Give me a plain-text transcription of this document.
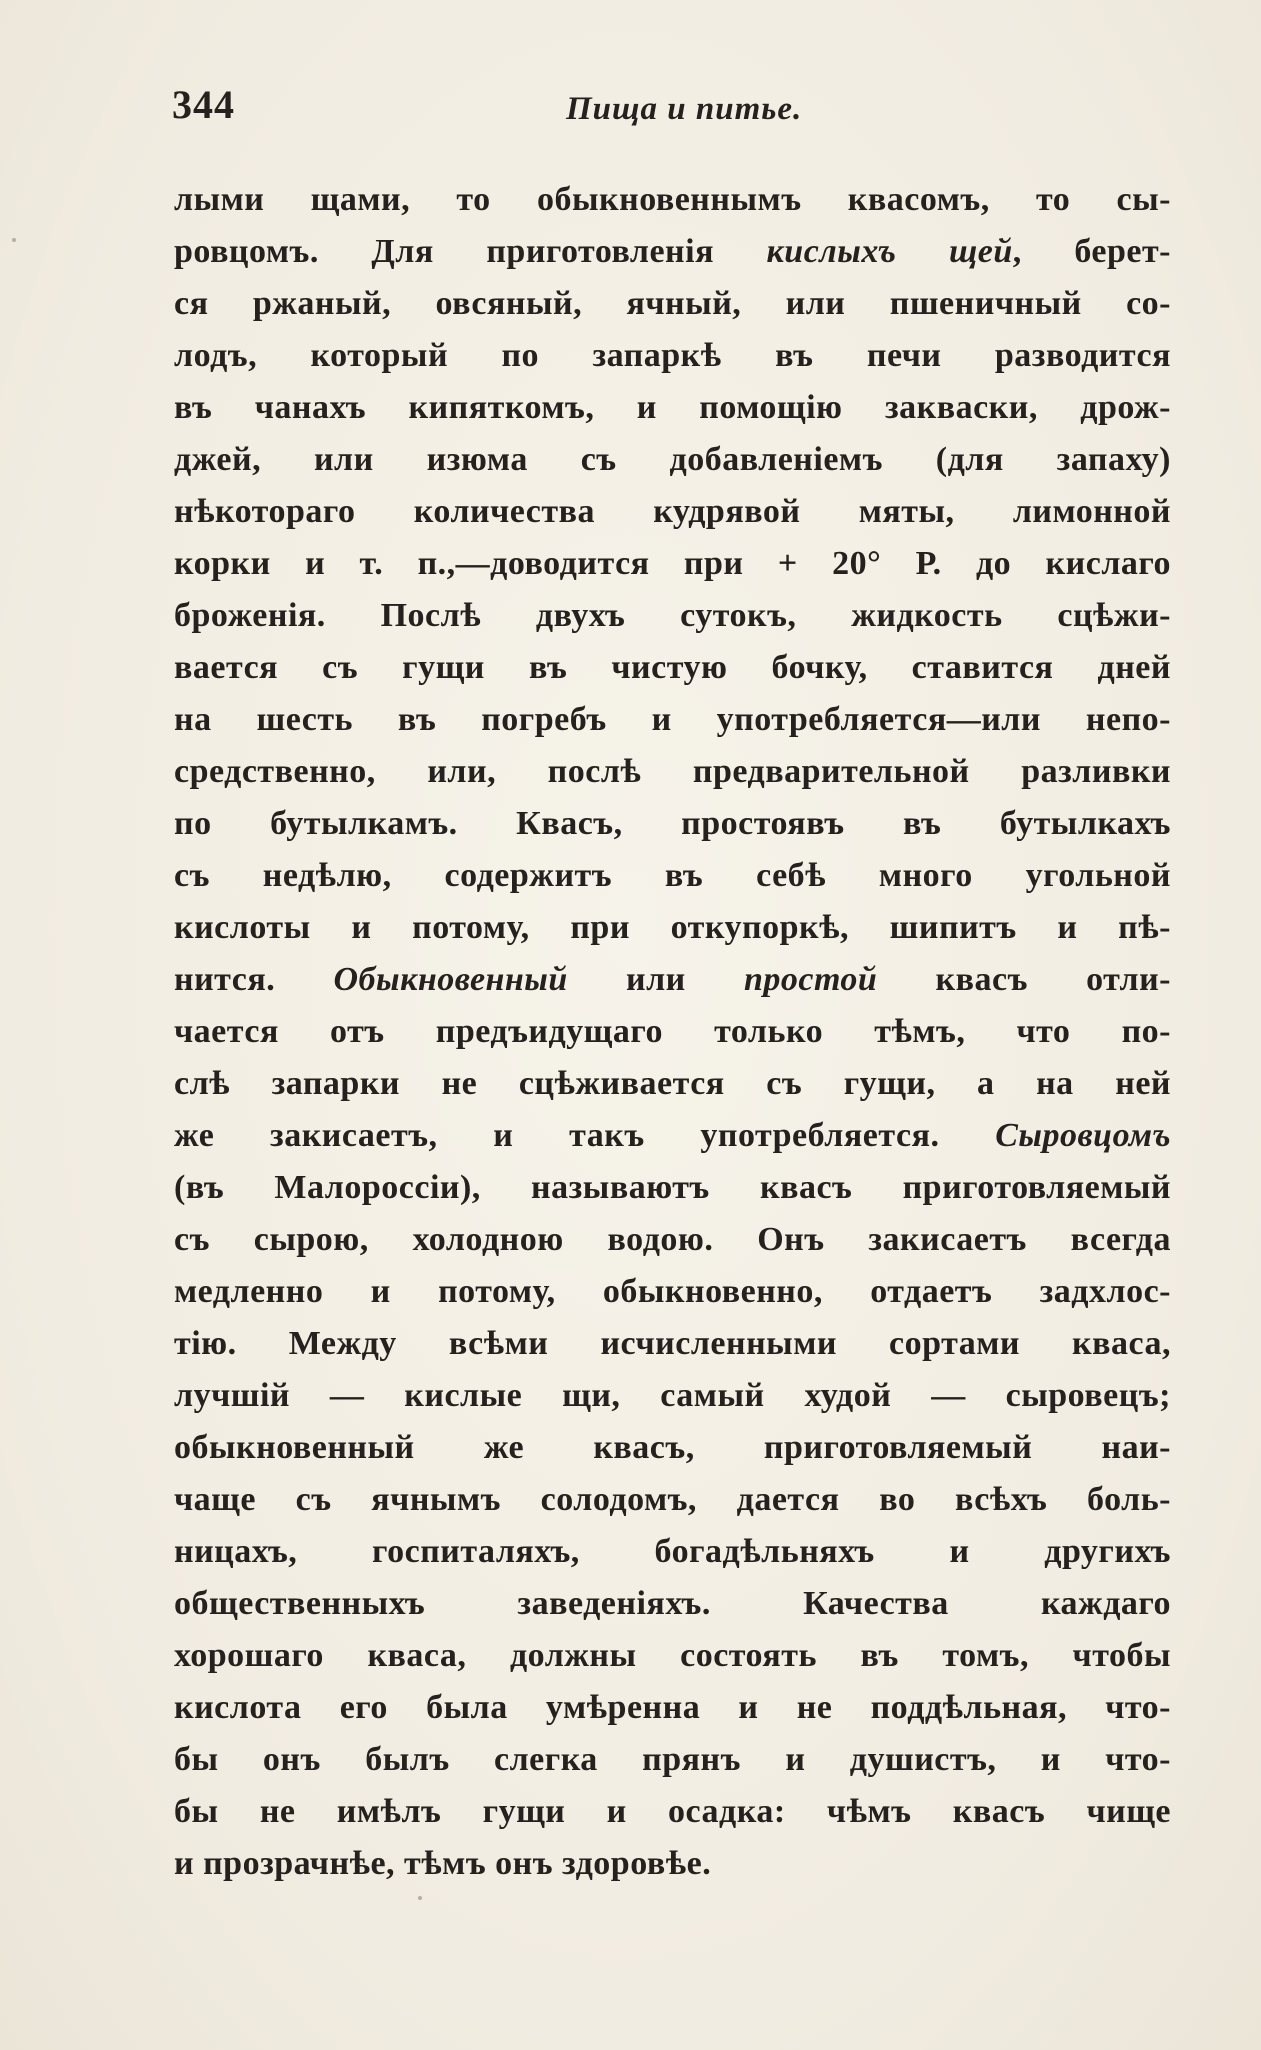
344	Пища и питье.
лыми щами, то обыкновеннымъ квасомъ, то сы-
ровцомъ. Для приготовленія кислыхъ щей, берет-
ся ржаный, овсяный, ячный, или пшеничный со-
лодъ, который по запаркѣ въ печи разводится
въ чанахъ кипяткомъ, и помощію закваски, дрож-
джей, или изюма съ добавленіемъ (для запаху)
нѣкотораго количества кудрявой мяты, лимонной
корки и т. п.,—доводится при + 20° Р. до кислаго
броженія. Послѣ двухъ сутокъ, жидкость сцѣжи-
вается съ гущи въ чистую бочку, ставится дней
на шесть въ погребъ и употребляется—или непо-
средственно, или, послѣ предварительной разливки
по бутылкамъ. Квасъ, простоявъ въ бутылкахъ
съ недѣлю, содержитъ въ себѣ много угольной
кислоты и потому, при откупоркѣ, шипитъ и пѣ-
нится. Обыкновенный или простой квасъ отли-
чается отъ предъидущаго только тѣмъ, что по-
слѣ запарки не сцѣживается съ гущи, а на ней
же закисаетъ, и такъ употребляется. Сыровцомъ
(въ Малороссіи), называютъ квасъ приготовляемый
съ сырою, холодною водою. Онъ закисаетъ всегда
медленно и потому, обыкновенно, отдаетъ задхлос-
тію. Между всѣми исчисленными сортами кваса,
лучшій — кислые щи, самый худой — сыровецъ;
обыкновенный же квасъ, приготовляемый наи-
чаще съ ячнымъ солодомъ, дается во всѣхъ боль-
ницахъ, госпиталяхъ, богадѣльняхъ и другихъ
общественныхъ заведеніяхъ. Качества каждаго
хорошаго кваса, должны состоять въ томъ, чтобы
кислота его была умѣренна и не поддѣльная, что-
бы онъ былъ слегка прянъ и душистъ, и что-
бы не имѣлъ гущи и осадка: чѣмъ квасъ чище
и прозрачнѣе, тѣмъ онъ здоровѣе.
